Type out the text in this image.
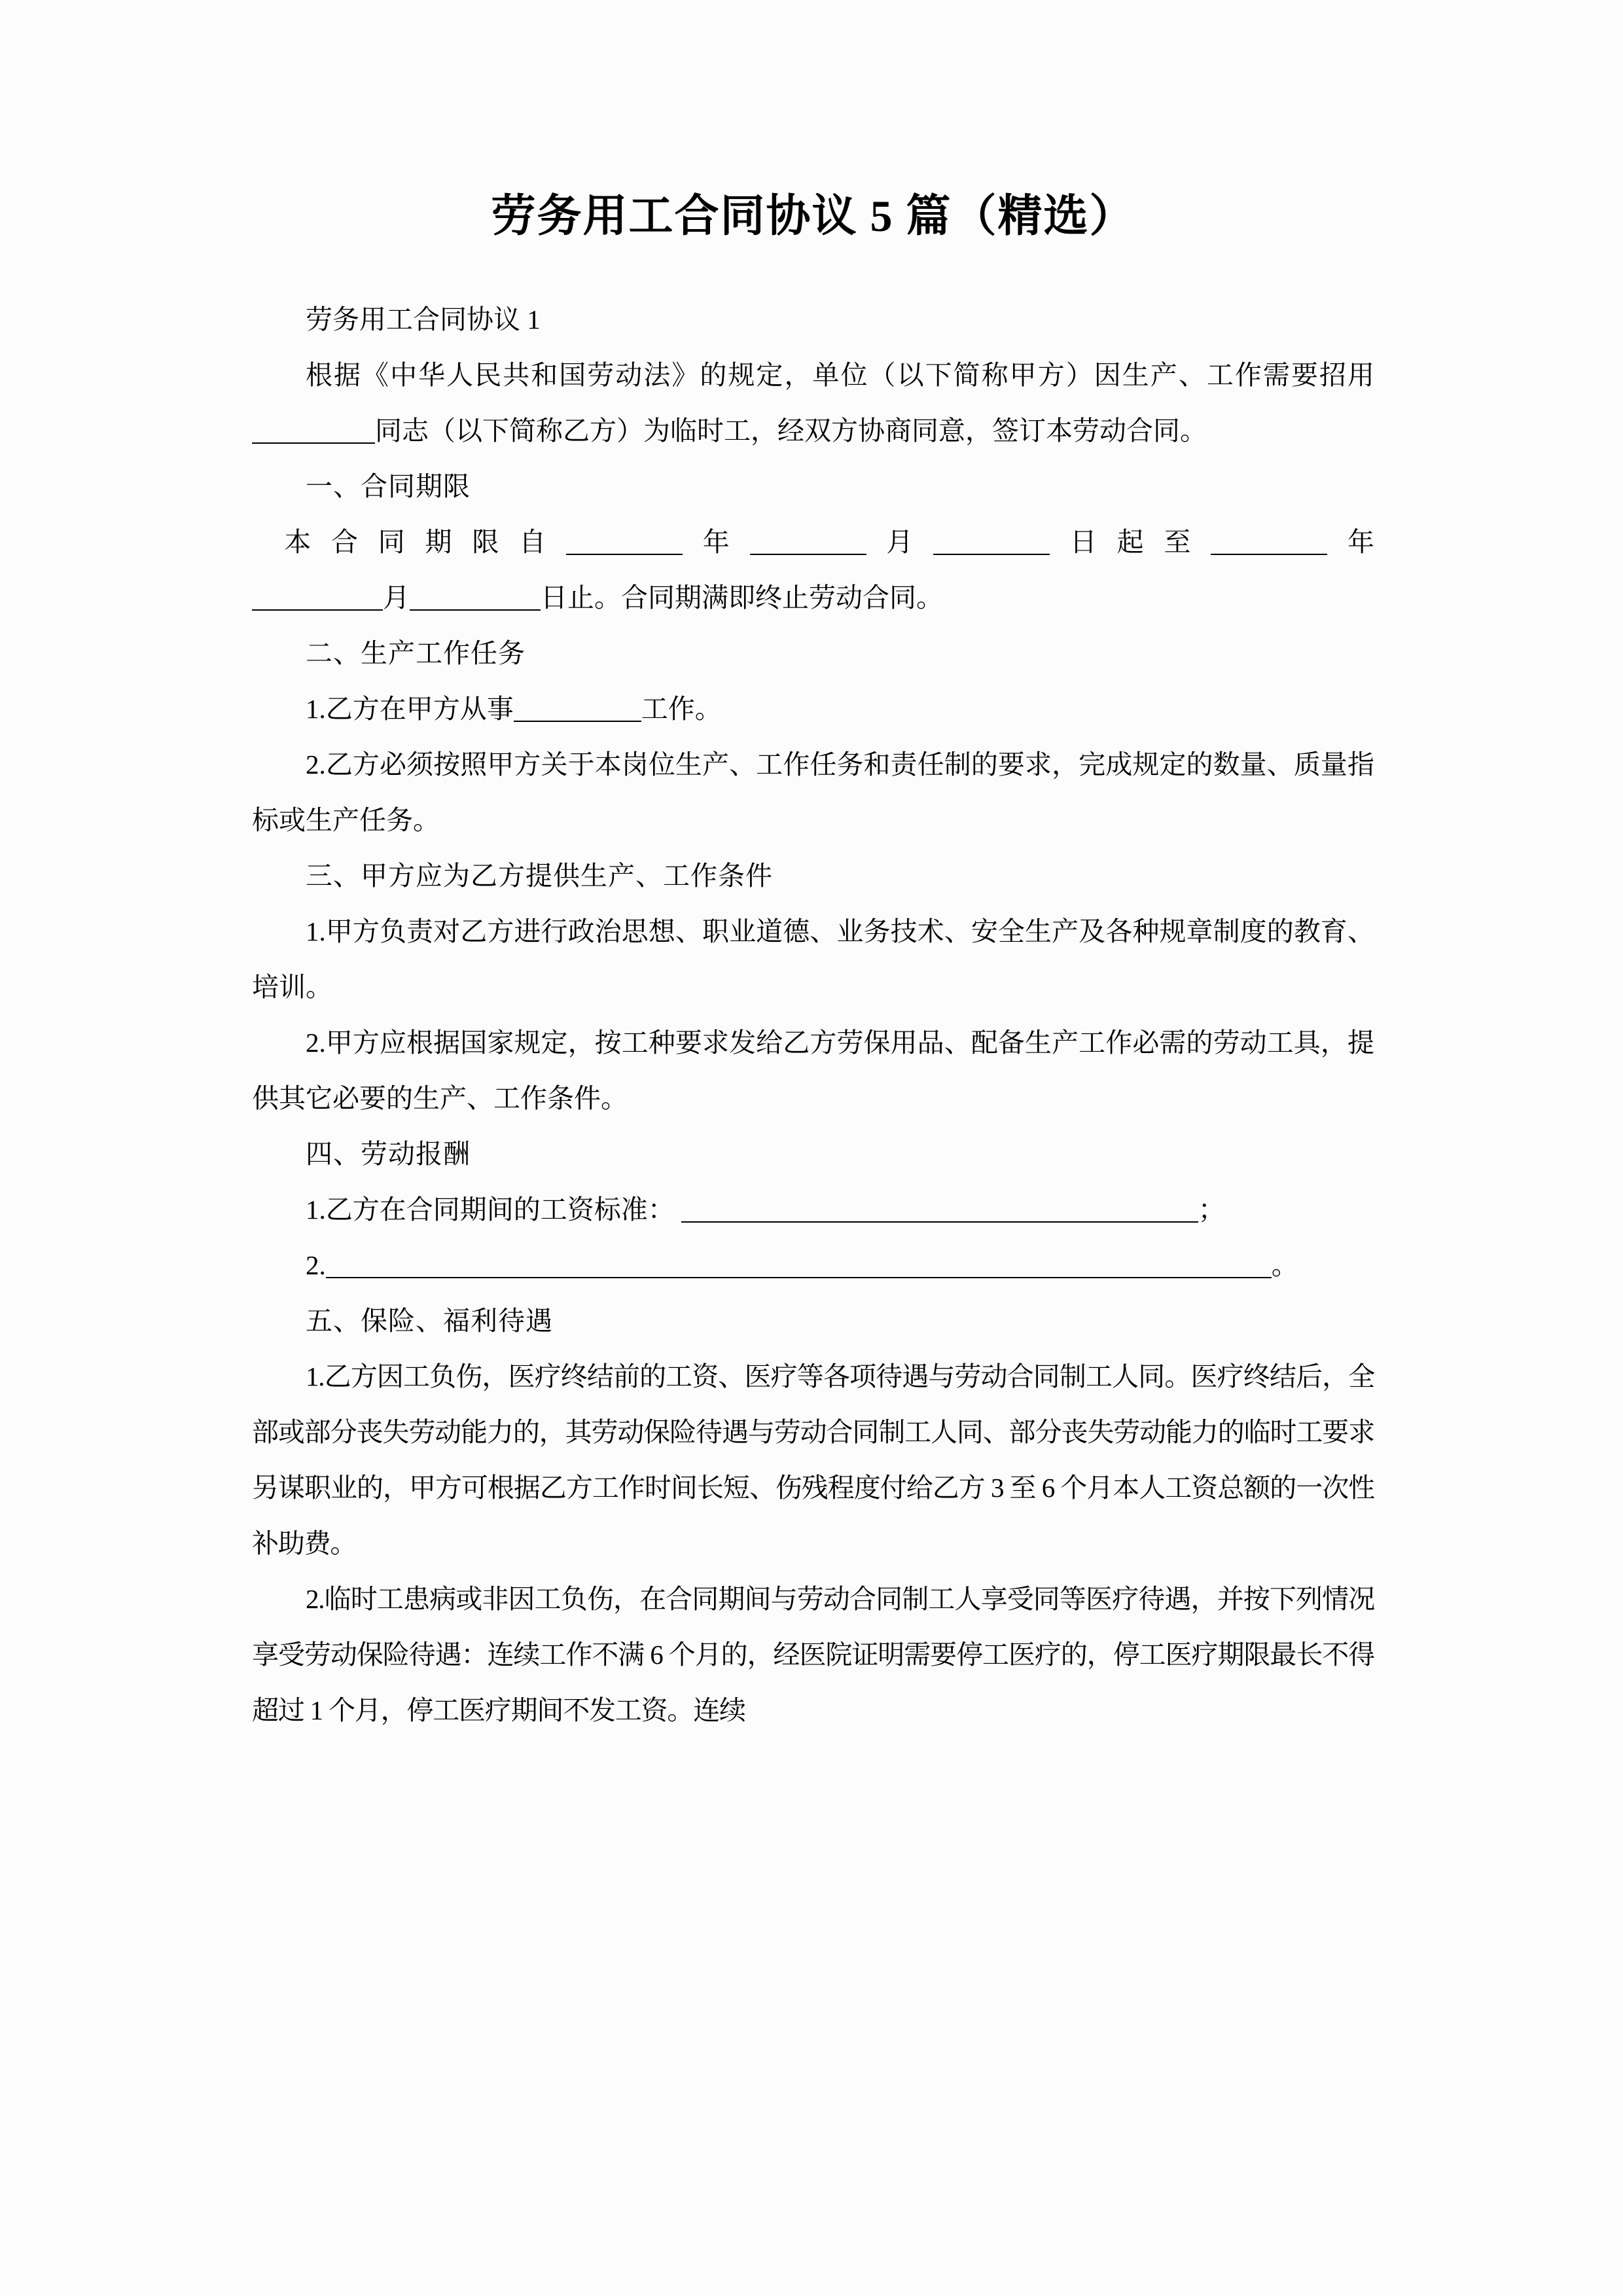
劳务用工合同协议 5 篇（精选）

劳务用工合同协议 1

根据《中华人民共和国劳动法》的规定，单位（以下简称甲方）因生产、工作需要招用同志（以下简称乙方）为临时工，经双方协商同意，签订本劳动合同。

一、合同期限

本合同期限自	年	月	日起至	年

月	日止。合同期满即终止劳动合同。

二、生产工作任务

1.乙方在甲方从事	工作。

2.乙方必须按照甲方关于本岗位生产、工作任务和责任制的要求，完成规定的数量、质量指标或生产任务。

三、甲方应为乙方提供生产、工作条件

1.甲方负责对乙方进行政治思想、职业道德、业务技术、安全生产及各种规章制度的教育、培训。

2.甲方应根据国家规定，按工种要求发给乙方劳保用品、配备生产工作必需的劳动工具，提供其它必要的生产、工作条件。

四、劳动报酬

1.乙方在合同期间的工资标准：	；

2.	。

五、保险、福利待遇

1.乙方因工负伤，医疗终结前的工资、医疗等各项待遇与劳动合同制工人同。医疗终结后，全部或部分丧失劳动能力的，其劳动保险待遇与劳动合同制工人同、部分丧失劳动能力的临时工要求另谋职业的，甲方可根据乙方工作时间长短、伤残程度付给乙方 3 至 6 个月本人工资总额的一次性补助费。

2.临时工患病或非因工负伤，在合同期间与劳动合同制工人享受同等医疗待遇，并按下列情况享受劳动保险待遇：连续工作不满 6 个月的，经医院证明需要停工医疗的，停工医疗期限最长不得超过 1 个月，停工医疗期间不发工资。连续
